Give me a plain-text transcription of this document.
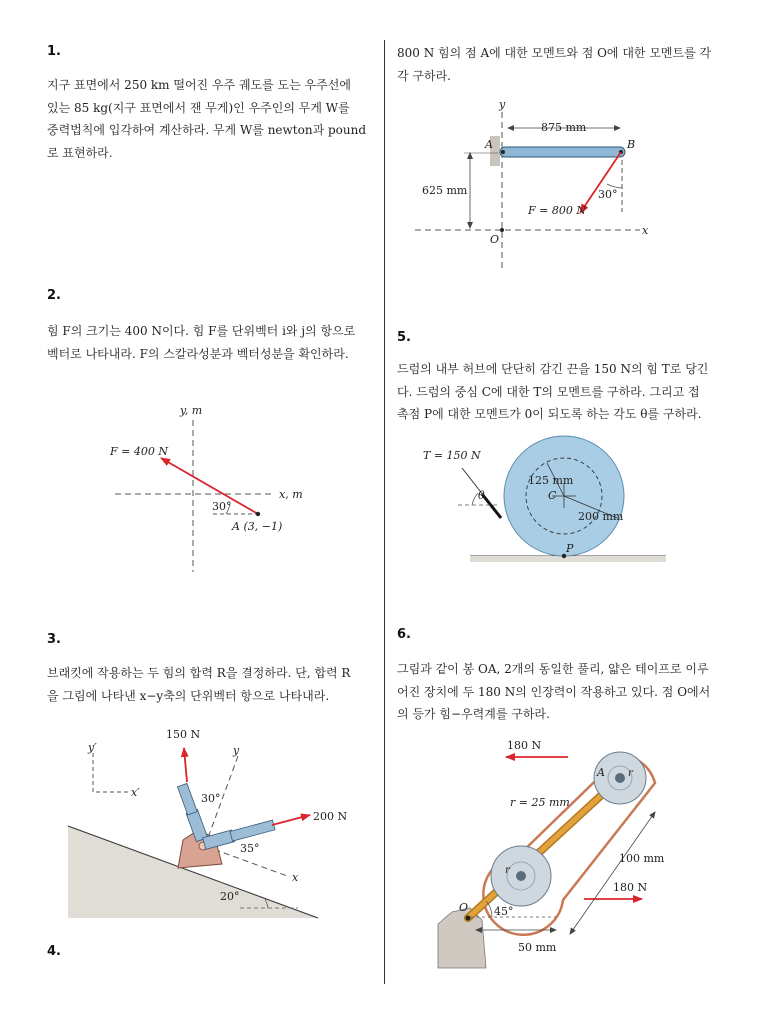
1.
지구 표면에서 250 km 떨어진 우주 궤도를 도는 우주선에
있는 85 kg(지구 표면에서 잰 무게)인 우주인의 무게 W를
중력법칙에 입각하여 계산하라. 무게 W를 newton과 pound
로 표현하라.
2.
힘 F의 크기는 400 N이다. 힘 F를 단위벡터 i와 j의 항으로
벡터로 나타내라. F의 스칼라성분과 벡터성분을 확인하라.
y, m
x, m
F = 400 N
30°
A (3, −1)
3.
브래킷에 작용하는 두 힘의 합력 R을 결정하라. 단, 합력 R
을 그림에 나타낸 x−y축의 단위벡터 항으로 나타내라.
150 N
200 N
30°
35°
20°
y′
x′
y
x
4.
800 N 힘의 점 A에 대한 모멘트와 점 O에 대한 모멘트를 각
각 구하라.
y
x
875 mm
625 mm
A	B
O
30°
F = 800 N
5.
드럼의 내부 허브에 단단히 감긴 끈을 150 N의 힘 T로 당긴
다. 드럼의 중심 C에 대한 T의 모멘트를 구하라. 그리고 접
촉점 P에 대한 모멘트가 0이 되도록 하는 각도 θ를 구하라.
T = 150 N
125 mm
200 mm
C
P
θ
6.
그림과 같이 봉 OA, 2개의 동일한 풀리, 얇은 테이프로 이루
어진 장치에 두 180 N의 인장력이 작용하고 있다. 점 O에서
의 등가 힘−우력계를 구하라.
180 N
180 N
r = 25 mm
100 mm
50 mm
45°
A
O
r
r
